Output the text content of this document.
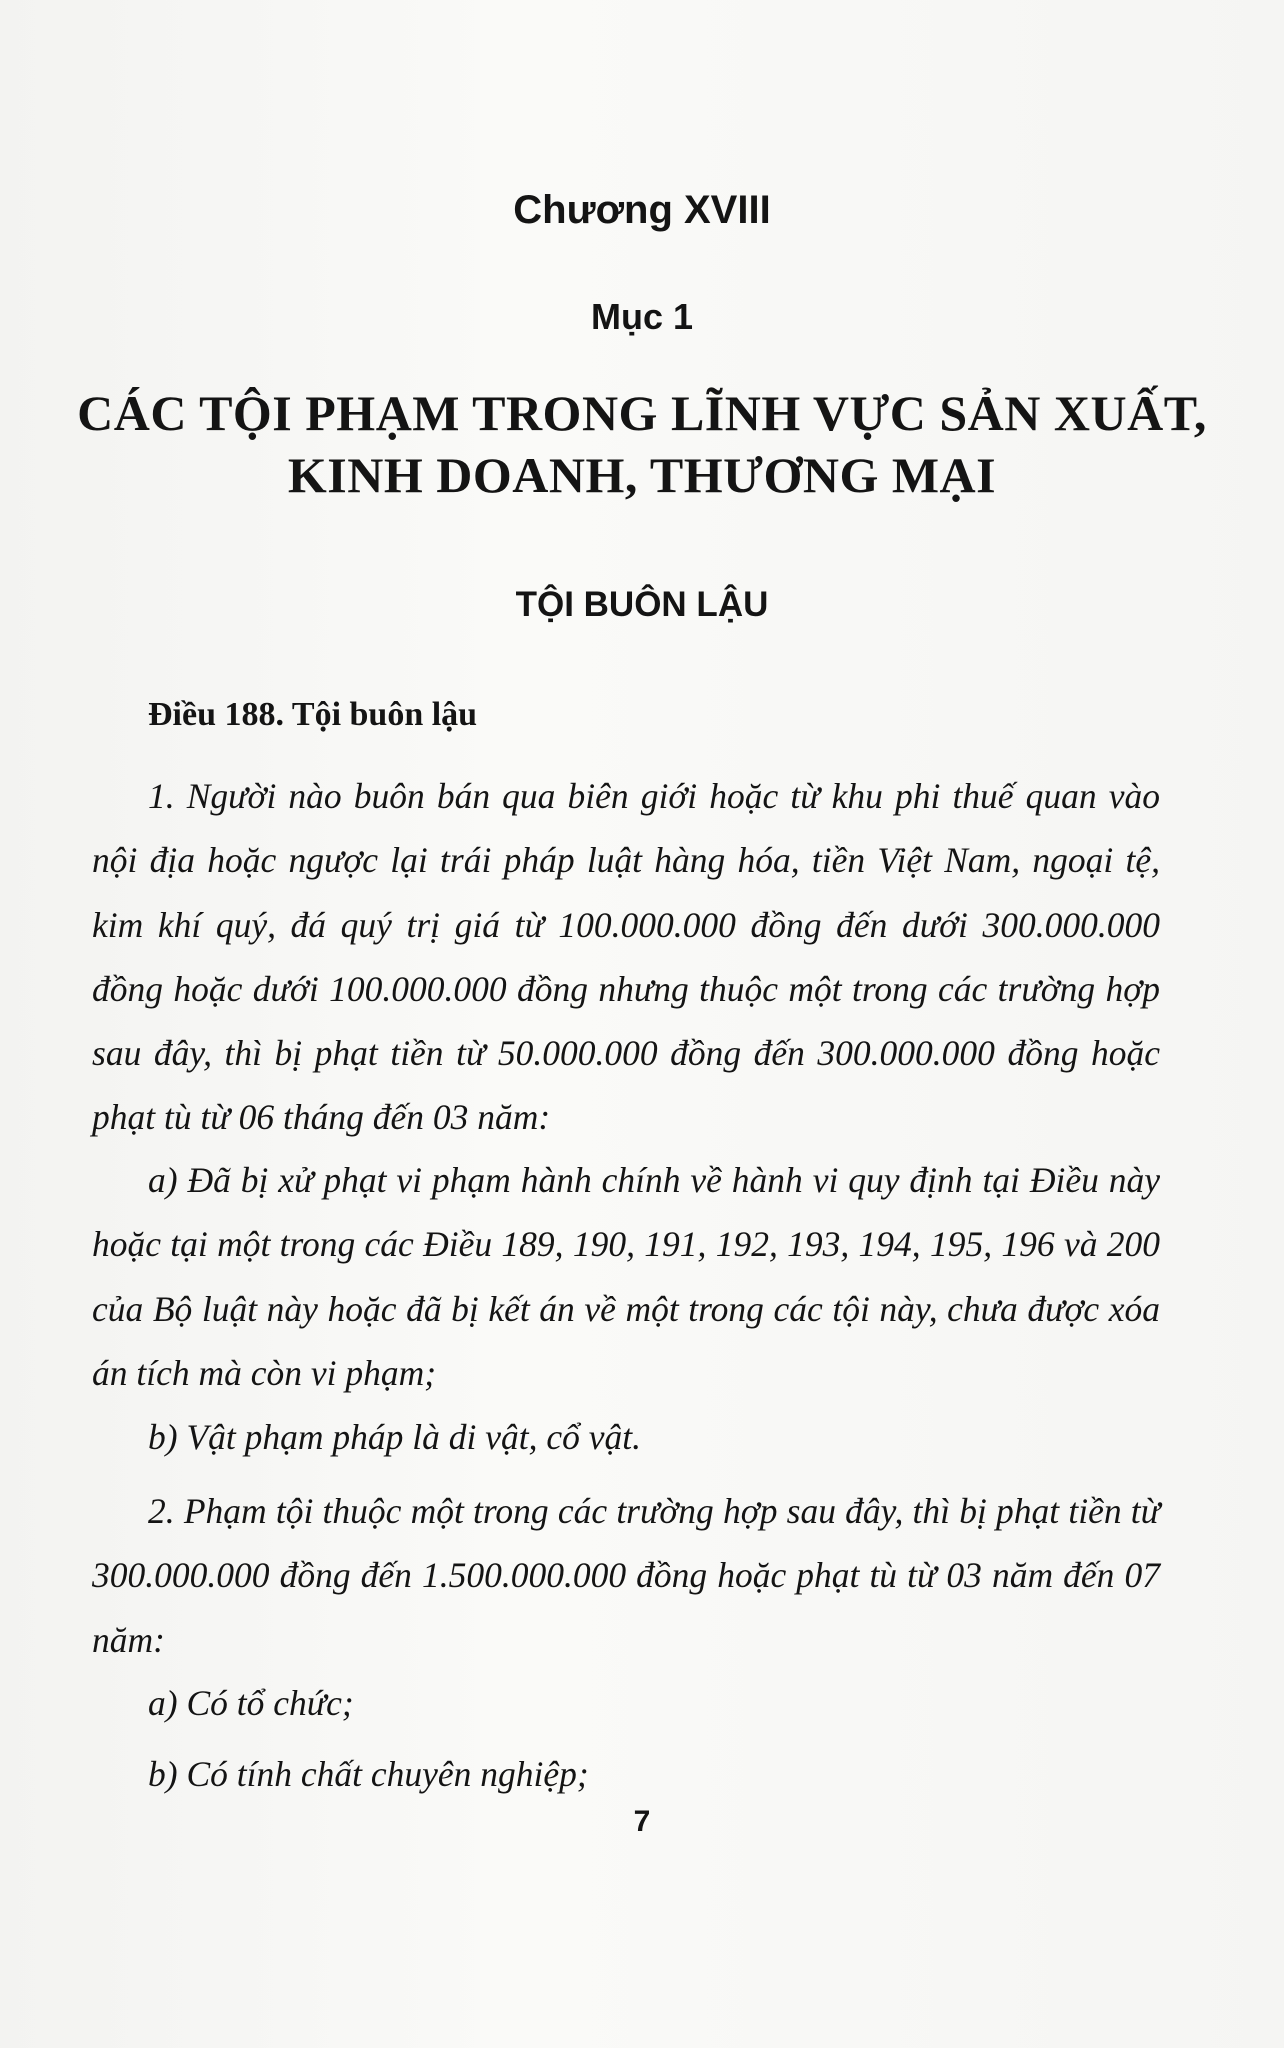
Chương XVIII
Mục 1
CÁC TỘI PHẠM TRONG LĨNH VỰC SẢN XUẤT,
KINH DOANH, THƯƠNG MẠI
TỘI BUÔN LẬU
Điều 188. Tội buôn lậu

1. Người nào buôn bán qua biên giới hoặc từ khu phi thuế quan vào nội địa hoặc ngược lại trái pháp luật hàng hóa, tiền Việt Nam, ngoại tệ, kim khí quý, đá quý trị giá từ 100.000.000 đồng đến dưới 300.000.000 đồng hoặc dưới 100.000.000 đồng nhưng thuộc một trong các trường hợp sau đây, thì bị phạt tiền từ 50.000.000 đồng đến 300.000.000 đồng hoặc phạt tù từ 06 tháng đến 03 năm:

a) Đã bị xử phạt vi phạm hành chính về hành vi quy định tại Điều này hoặc tại một trong các Điều 189, 190, 191, 192, 193, 194, 195, 196 và 200 của Bộ luật này hoặc đã bị kết án về một trong các tội này, chưa được xóa án tích mà còn vi phạm;

b) Vật phạm pháp là di vật, cổ vật.

2. Phạm tội thuộc một trong các trường hợp sau đây, thì bị phạt tiền từ 300.000.000 đồng đến 1.500.000.000 đồng hoặc phạt tù từ 03 năm đến 07 năm:

a) Có tổ chức;

b) Có tính chất chuyên nghiệp;

7
